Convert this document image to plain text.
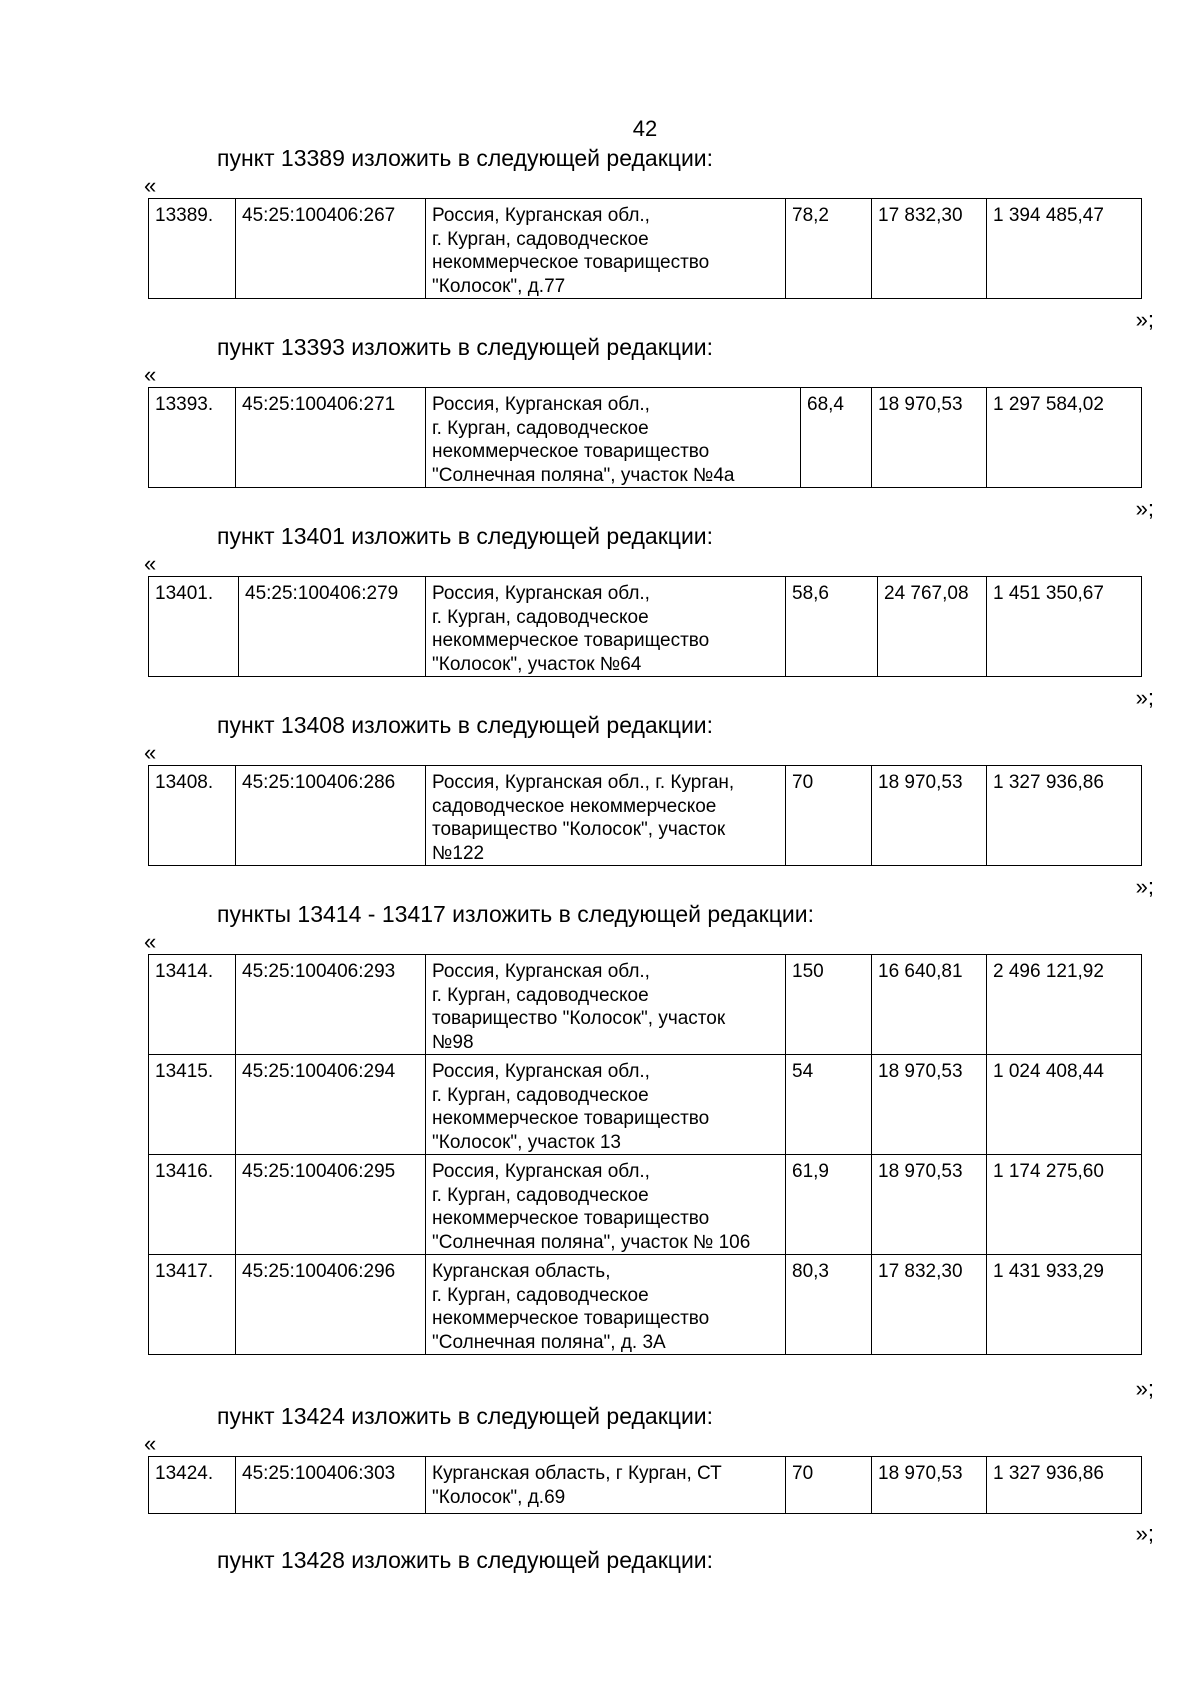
42
пункт 13389 изложить в следующей редакции:
«
13389.	45:25:100406:267	Россия, Курганская обл.,
г. Курган, садоводческое
некоммерческое товарищество
"Колосок", д.77	78,2	17 832,30	1 394 485,47
»;
пункт 13393 изложить в следующей редакции:
«
13393.	45:25:100406:271	Россия, Курганская обл.,
г. Курган, садоводческое
некоммерческое товарищество
"Солнечная поляна", участок №4а	68,4	18 970,53	1 297 584,02
»;
пункт 13401 изложить в следующей редакции:
«
13401.	45:25:100406:279	Россия, Курганская обл.,
г. Курган, садоводческое
некоммерческое товарищество
"Колосок", участок №64	58,6	24 767,08	1 451 350,67
»;
пункт 13408 изложить в следующей редакции:
«
13408.	45:25:100406:286	Россия, Курганская обл., г. Курган,
садоводческое некоммерческое
товарищество "Колосок", участок
№122	70	18 970,53	1 327 936,86
»;
пункты 13414 - 13417 изложить в следующей редакции:
«
13414.	45:25:100406:293	Россия, Курганская обл.,
г. Курган, садоводческое
товарищество "Колосок", участок
№98	150	16 640,81	2 496 121,92
13415.	45:25:100406:294	Россия, Курганская обл.,
г. Курган, садоводческое
некоммерческое товарищество
"Колосок", участок 13	54	18 970,53	1 024 408,44
13416.	45:25:100406:295	Россия, Курганская обл.,
г. Курган, садоводческое
некоммерческое товарищество
"Солнечная поляна", участок № 106	61,9	18 970,53	1 174 275,60
13417.	45:25:100406:296	Курганская область,
г. Курган, садоводческое
некоммерческое товарищество
"Солнечная поляна", д. 3А	80,3	17 832,30	1 431 933,29
»;
пункт 13424 изложить в следующей редакции:
«
13424.	45:25:100406:303	Курганская область, г Курган, СТ
"Колосок", д.69	70	18 970,53	1 327 936,86
»;
пункт 13428 изложить в следующей редакции:
